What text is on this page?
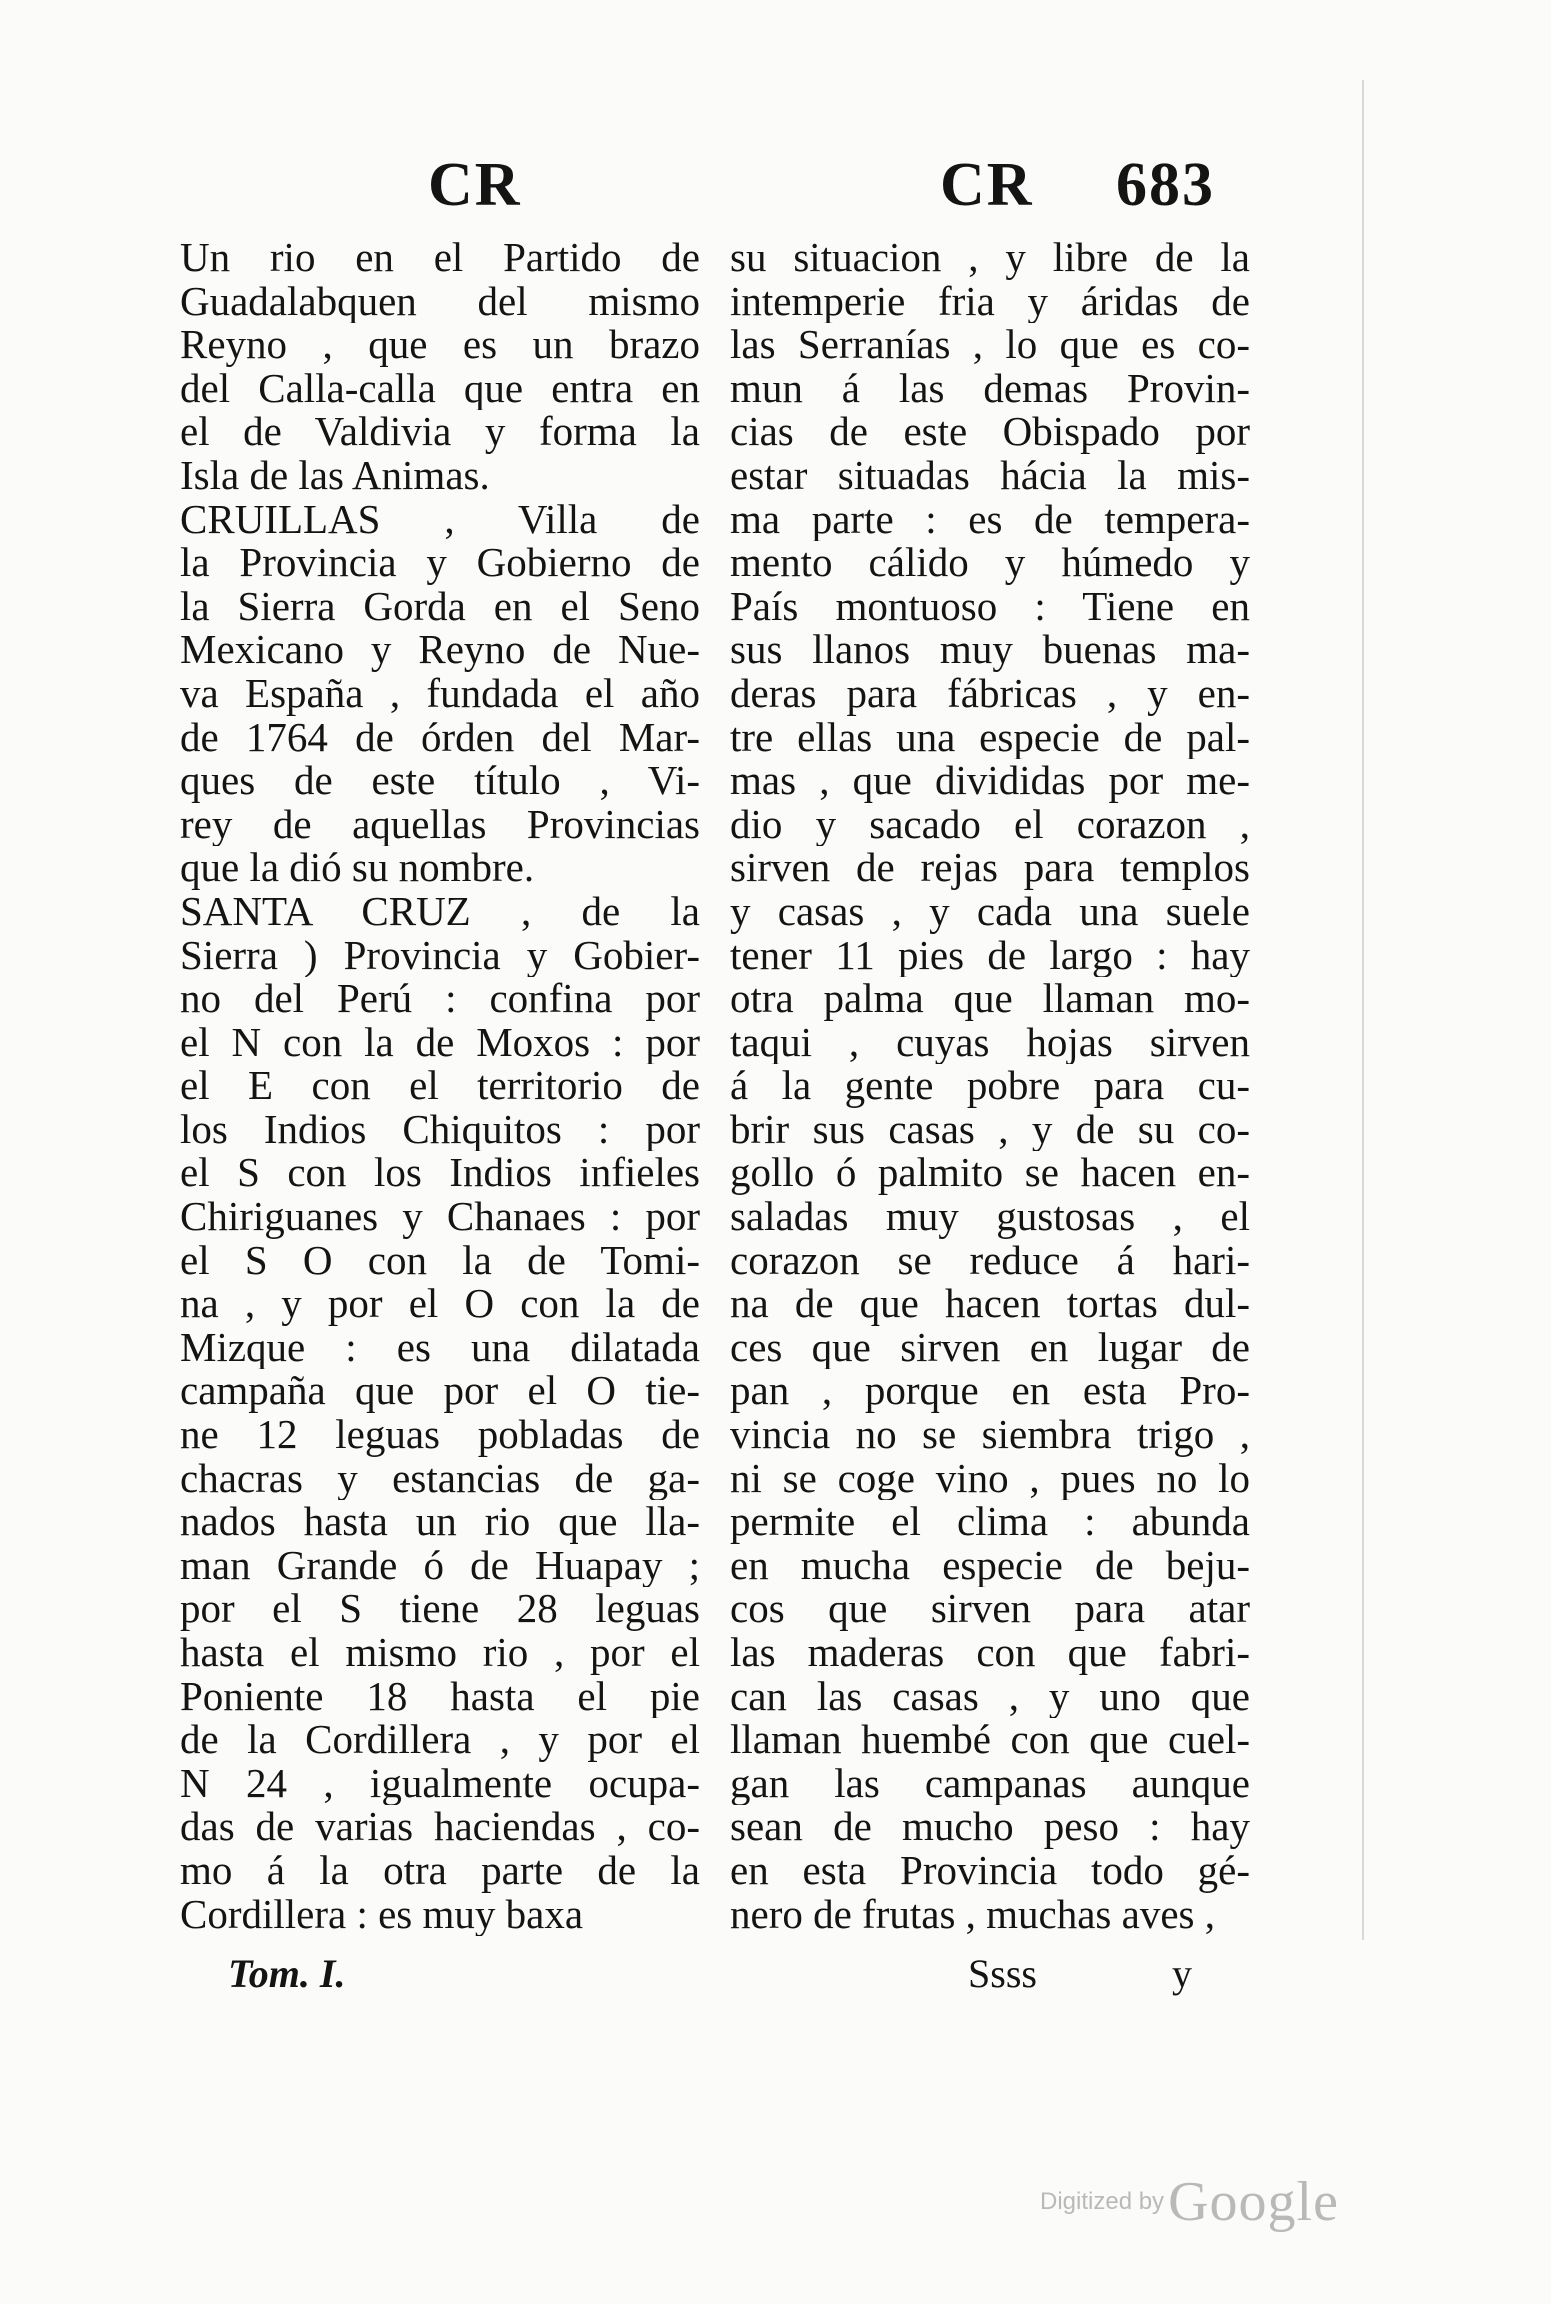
CR	CR 683
Un rio en el Partido de
Guadalabquen del mismo
Reyno , que es un brazo
del Calla-calla que entra en
el de Valdivia y forma la
Isla de las Animas.
CRUILLAS , Villa de
la Provincia y Gobierno de
la Sierra Gorda en el Seno
Mexicano y Reyno de Nue-
va España , fundada el año
de 1764 de órden del Mar-
ques de este título , Vi-
rey de aquellas Provincias
que la dió su nombre.
SANTA CRUZ , de la
Sierra ) Provincia y Gobier-
no del Perú : confina por
el N con la de Moxos : por
el E con el territorio de
los Indios Chiquitos : por
el S con los Indios infieles
Chiriguanes y Chanaes : por
el S O con la de Tomi-
na , y por el O con la de
Mizque : es una dilatada
campaña que por el O tie-
ne 12 leguas pobladas de
chacras y estancias de ga-
nados hasta un rio que lla-
man Grande ó de Huapay ;
por el S tiene 28 leguas
hasta el mismo rio , por el
Poniente 18 hasta el pie
de la Cordillera , y por el
N 24 , igualmente ocupa-
das de varias haciendas , co-
mo á la otra parte de la
Cordillera : es muy baxa
su situacion , y libre de la
intemperie fria y áridas de
las Serranías , lo que es co-
mun á las demas Provin-
cias de este Obispado por
estar situadas hácia la mis-
ma parte : es de tempera-
mento cálido y húmedo y
País montuoso : Tiene en
sus llanos muy buenas ma-
deras para fábricas , y en-
tre ellas una especie de pal-
mas , que divididas por me-
dio y sacado el corazon ,
sirven de rejas para templos
y casas , y cada una suele
tener 11 pies de largo : hay
otra palma que llaman mo-
taqui , cuyas hojas sirven
á la gente pobre para cu-
brir sus casas , y de su co-
gollo ó palmito se hacen en-
saladas muy gustosas , el
corazon se reduce á hari-
na de que hacen tortas dul-
ces que sirven en lugar de
pan , porque en esta Pro-
vincia no se siembra trigo ,
ni se coge vino , pues no lo
permite el clima : abunda
en mucha especie de beju-
cos que sirven para atar
las maderas con que fabri-
can las casas , y uno que
llaman huembé con que cuel-
gan las campanas aunque
sean de mucho peso : hay
en esta Provincia todo gé-
nero de frutas , muchas aves ,
Tom. I.	Ssss	y
Digitized by Google
